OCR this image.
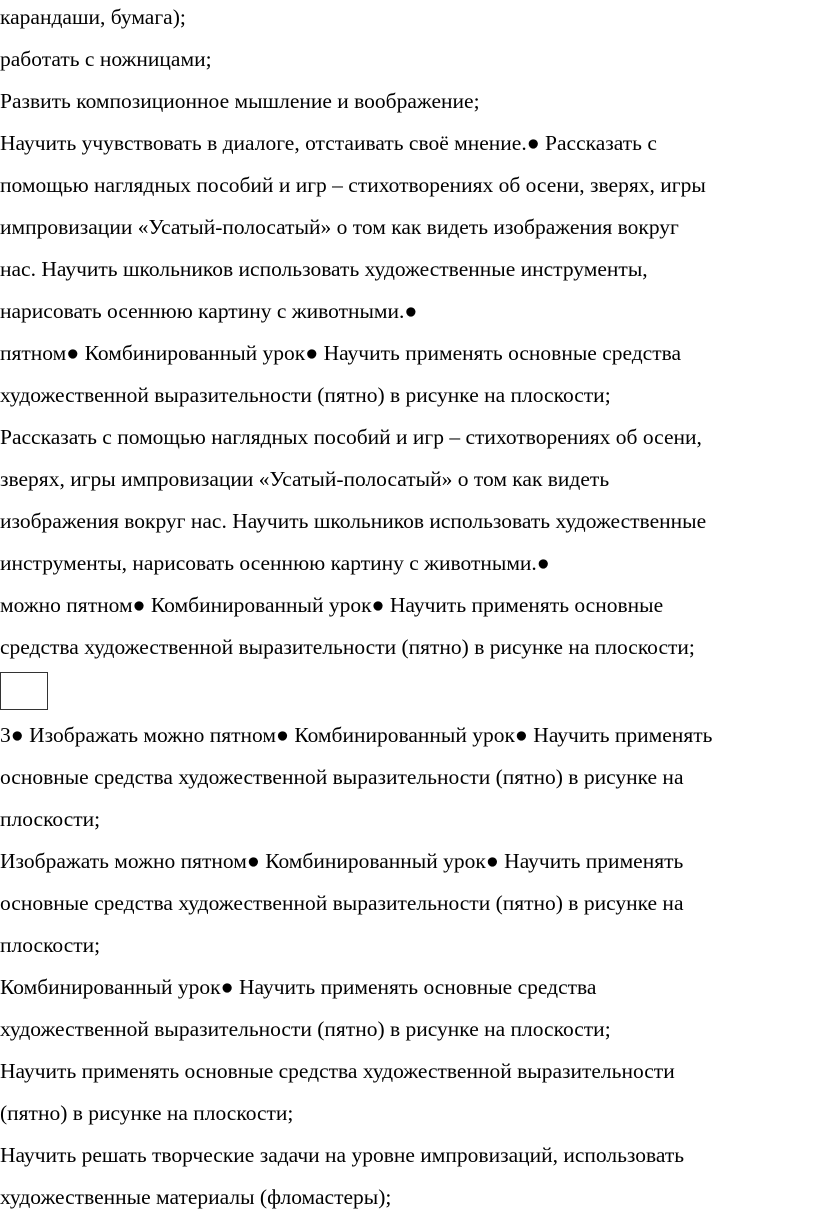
карандаши, бумага);
работать с ножницами;
Развить композиционное мышление и воображение;
Научить учувствовать в диалоге, отстаивать своё мнение.● Рассказать с
помощью наглядных пособий и игр – стихотворениях об осени, зверях, игры
импровизации «Усатый-полосатый» о том как видеть изображения вокруг
нас. Научить школьников использовать художественные инструменты,
нарисовать осеннюю картину с животными.●
пятном● Комбинированный урок● Научить применять основные средства
художественной выразительности (пятно) в рисунке на плоскости;
Рассказать с помощью наглядных пособий и игр – стихотворениях об осени,
зверях, игры импровизации «Усатый-полосатый» о том как видеть
изображения вокруг нас. Научить школьников использовать художественные
инструменты, нарисовать осеннюю картину с животными.●
можно пятном● Комбинированный урок● Научить применять основные
средства художественной выразительности (пятно) в рисунке на плоскости;
3● Изображать можно пятном● Комбинированный урок● Научить применять
основные средства художественной выразительности (пятно) в рисунке на
плоскости;
Изображать можно пятном● Комбинированный урок● Научить применять
основные средства художественной выразительности (пятно) в рисунке на
плоскости;
Комбинированный урок● Научить применять основные средства
художественной выразительности (пятно) в рисунке на плоскости;
Научить применять основные средства художественной выразительности
(пятно) в рисунке на плоскости;
Научить решать творческие задачи на уровне импровизаций, использовать
художественные материалы (фломастеры);
